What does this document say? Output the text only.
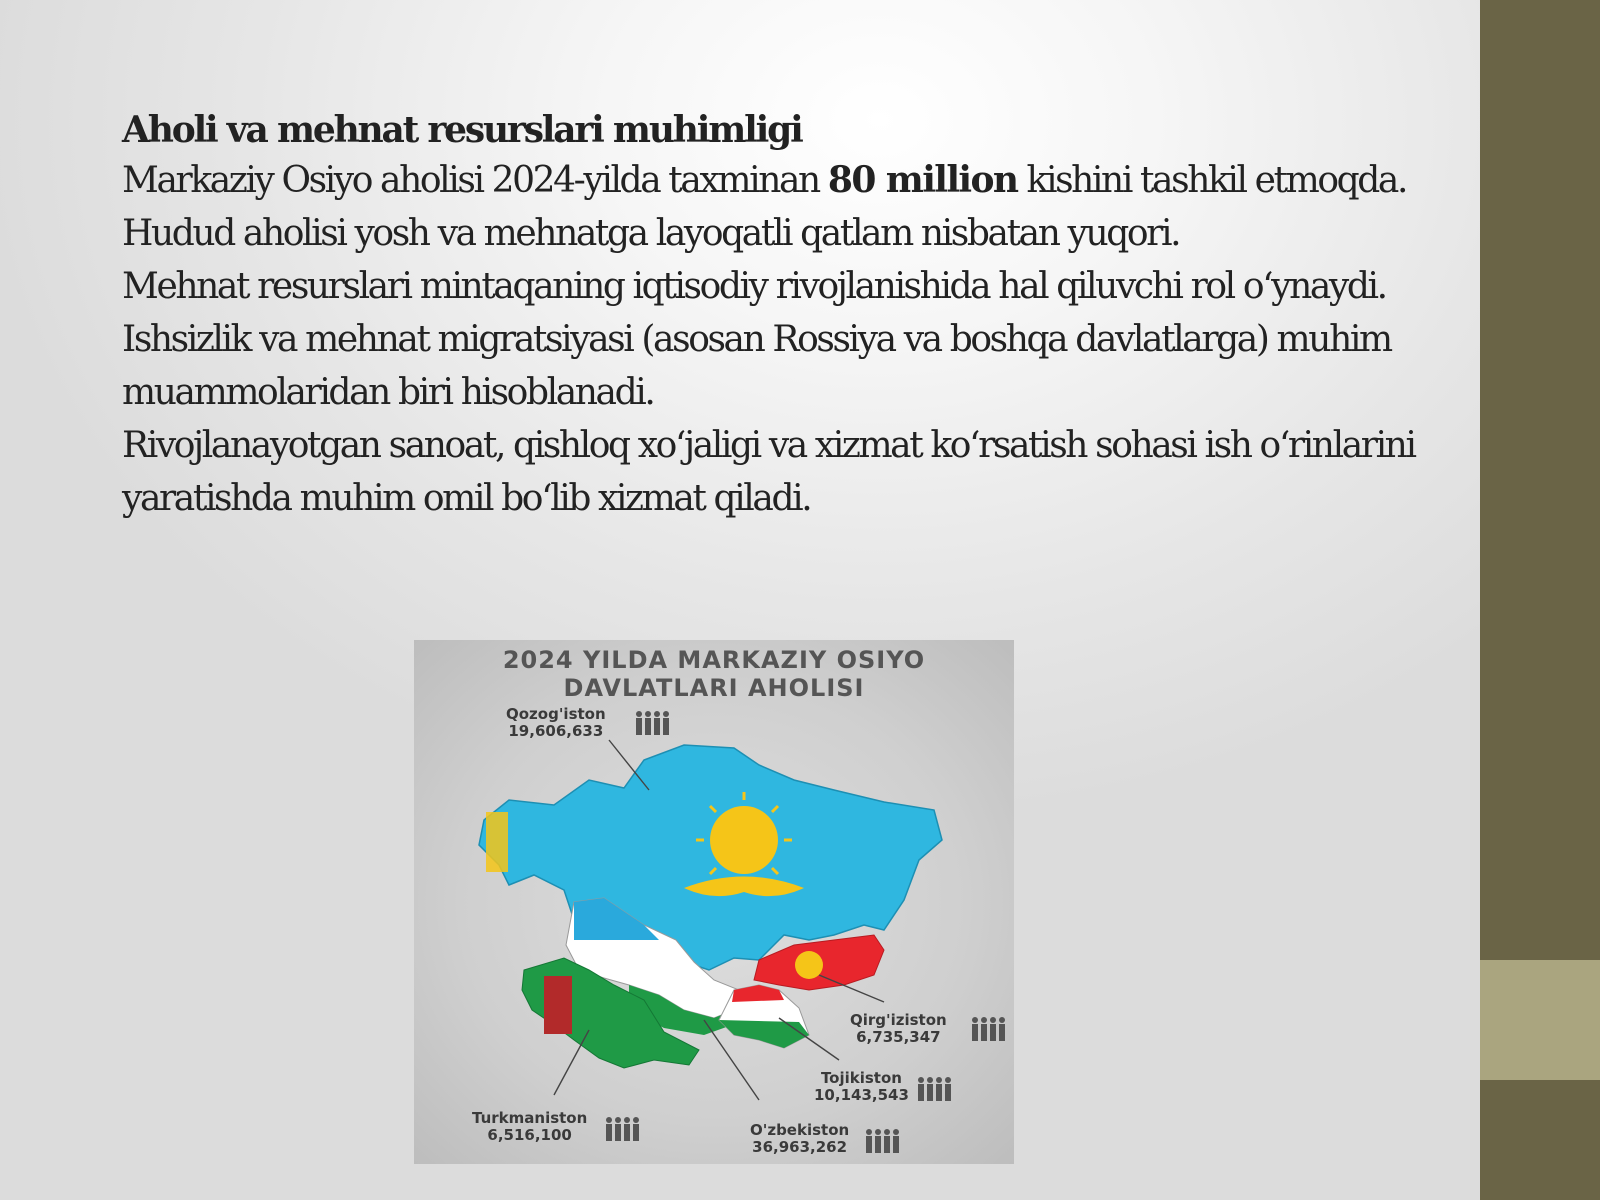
Aholi va mehnat resurslari muhimligi
Markaziy Osiyo aholisi 2024-yilda taxminan 80 million kishini tashkil etmoqda.
Hudud aholisi yosh va mehnatga layoqatli qatlam nisbatan yuqori.
Mehnat resurslari mintaqaning iqtisodiy rivojlanishida hal qiluvchi rol o‘ynaydi.
Ishsizlik va mehnat migratsiyasi (asosan Rossiya va boshqa davlatlarga) muhim
muammolaridan biri hisoblanadi.
Rivojlanayotgan sanoat, qishloq xo‘jaligi va xizmat ko‘rsatish sohasi ish o‘rinlarini
yaratishda muhim omil bo‘lib xizmat qiladi.
2024 YILDA MARKAZIY OSIYO
DAVLATLARI AHOLISI
Qozog'iston
19,606,633
Qirg'iziston
6,735,347
Tojikiston
10,143,543
Turkmaniston
6,516,100	O'zbekiston
36,963,262
